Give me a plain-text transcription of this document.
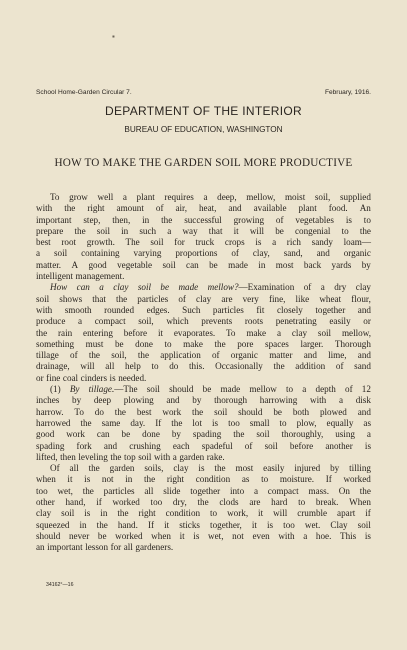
▪
School Home-Garden Circular 7.	February, 1916.
DEPARTMENT OF THE INTERIOR
BUREAU OF EDUCATION, WASHINGTON
HOW TO MAKE THE GARDEN SOIL MORE PRODUCTIVE
To grow well a plant requires a deep, mellow, moist soil, supplied
with the right amount of air, heat, and available plant food. An
important step, then, in the successful growing of vegetables is to
prepare the soil in such a way that it will be congenial to the
best root growth. The soil for truck crops is a rich sandy loam—
a soil containing varying proportions of clay, sand, and organic
matter. A good vegetable soil can be made in most back yards by
intelligent management.
How can a clay soil be made mellow?—Examination of a dry clay
soil shows that the particles of clay are very fine, like wheat flour,
with smooth rounded edges. Such particles fit closely together and
produce a compact soil, which prevents roots penetrating easily or
the rain entering before it evaporates. To make a clay soil mellow,
something must be done to make the pore spaces larger. Thorough
tillage of the soil, the application of organic matter and lime, and
drainage, will all help to do this. Occasionally the addition of sand
or fine coal cinders is needed.
(1) By tillage.—The soil should be made mellow to a depth of 12
inches by deep plowing and by thorough harrowing with a disk
harrow. To do the best work the soil should be both plowed and
harrowed the same day. If the lot is too small to plow, equally as
good work can be done by spading the soil thoroughly, using a
spading fork and crushing each spadeful of soil before another is
lifted, then leveling the top soil with a garden rake.
Of all the garden soils, clay is the most easily injured by tilling
when it is not in the right condition as to moisture. If worked
too wet, the particles all slide together into a compact mass. On the
other hand, if worked too dry, the clods are hard to break. When
clay soil is in the right condition to work, it will crumble apart if
squeezed in the hand. If it sticks together, it is too wet. Clay soil
should never be worked when it is wet, not even with a hoe. This is
an important lesson for all gardeners.
34162°—16
